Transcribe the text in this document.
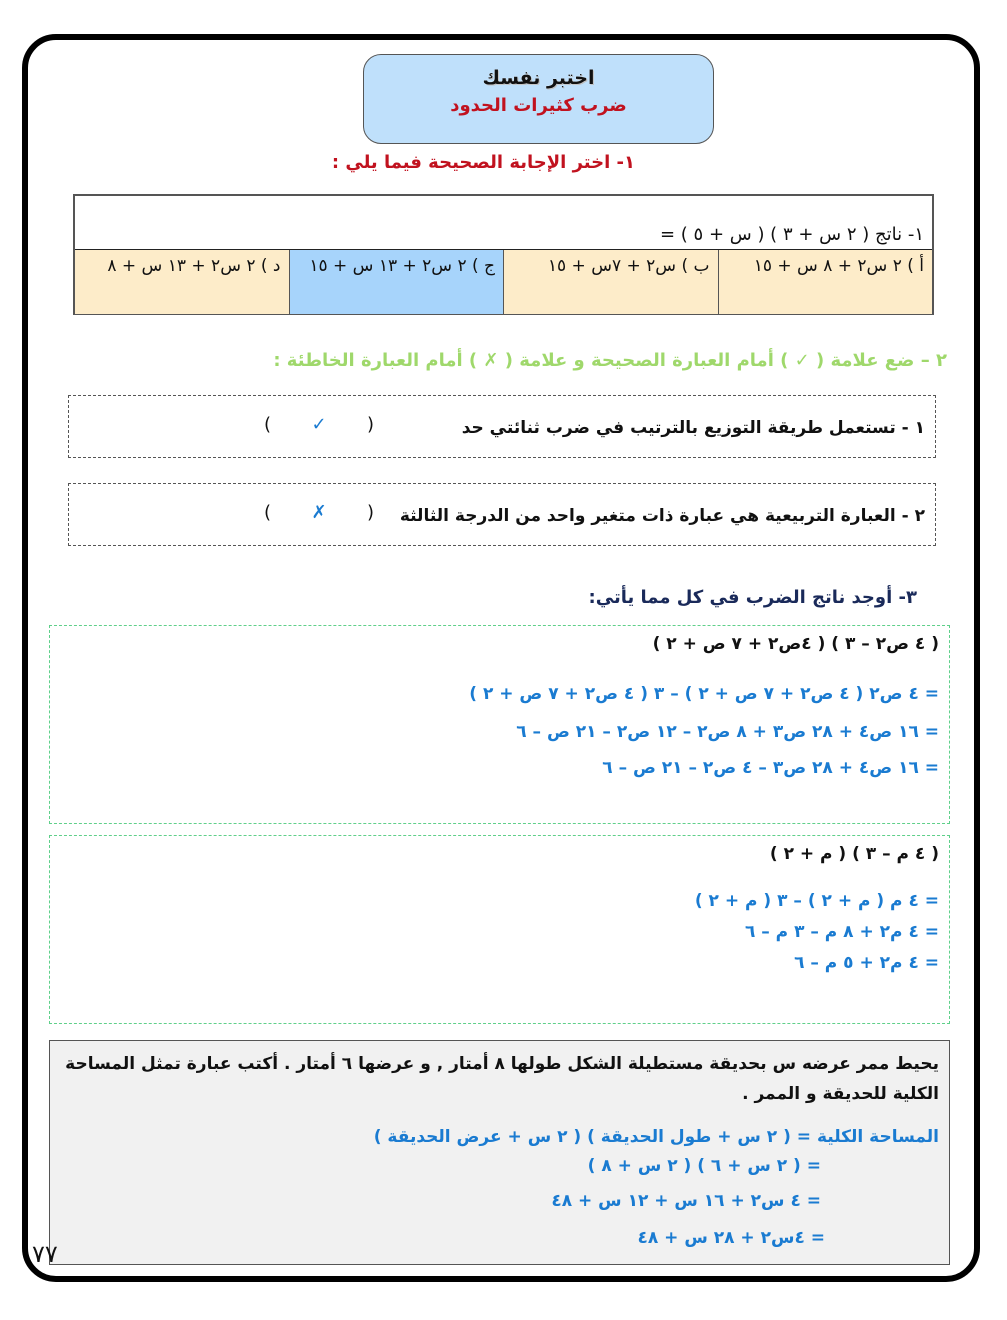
اختبر نفسك
ضرب كثيرات الحدود
١- اختر الإجابة الصحيحة فيما يلي :
١- ناتج ( ٢ س + ٣ ) ( س + ٥ ) =
أ ) ٢ س٢ + ٨ س + ١٥
ب ) س٢ + ٧س + ١٥
ج ) ٢ س٢ + ١٣ س + ١٥
د ) ٢ س٢ + ١٣ س + ٨
٢ – ضع علامة ( ✓ ) أمام العبارة الصحيحة و علامة ( ✗ ) أمام العبارة الخاطئة :
١ - تستعمل طريقة التوزيع بالترتيب في ضرب ثنائتي حد
( ✓ )
٢ - العبارة التربيعية هي عبارة ذات متغير واحد من الدرجة الثالثة
( ✗ )
٣- أوجد ناتج الضرب في كل مما يأتي:
( ٤ ص٢ – ٣ ) ( ٤ص٢ + ٧ ص + ٢ )
= ٤ ص٢ ( ٤ ص٢ + ٧ ص + ٢ ) – ٣ ( ٤ ص٢ + ٧ ص + ٢ )
= ١٦ ص٤ + ٢٨ ص٣ + ٨ ص٢ – ١٢ ص٢ – ٢١ ص – ٦
= ١٦ ص٤ + ٢٨ ص٣ – ٤ ص٢ – ٢١ ص – ٦
( ٤ م – ٣ ) ( م + ٢ )
= ٤ م ( م + ٢ ) – ٣ ( م + ٢ )
= ٤ م٢ + ٨ م – ٣ م – ٦
= ٤ م٢ + ٥ م – ٦
يحيط ممر عرضه س بحديقة مستطيلة الشكل طولها ٨ أمتار , و عرضها ٦ أمتار . أكتب عبارة تمثل المساحة الكلية للحديقة و الممر .
المساحة الكلية = ( ٢ س + طول الحديقة ) ( ٢ س + عرض الحديقة )
= ( ٢ س + ٦ ) ( ٢ س + ٨ )
= ٤ س٢ + ١٦ س + ١٢ س + ٤٨
= ٤س٢ + ٢٨ س + ٤٨
٧٧
